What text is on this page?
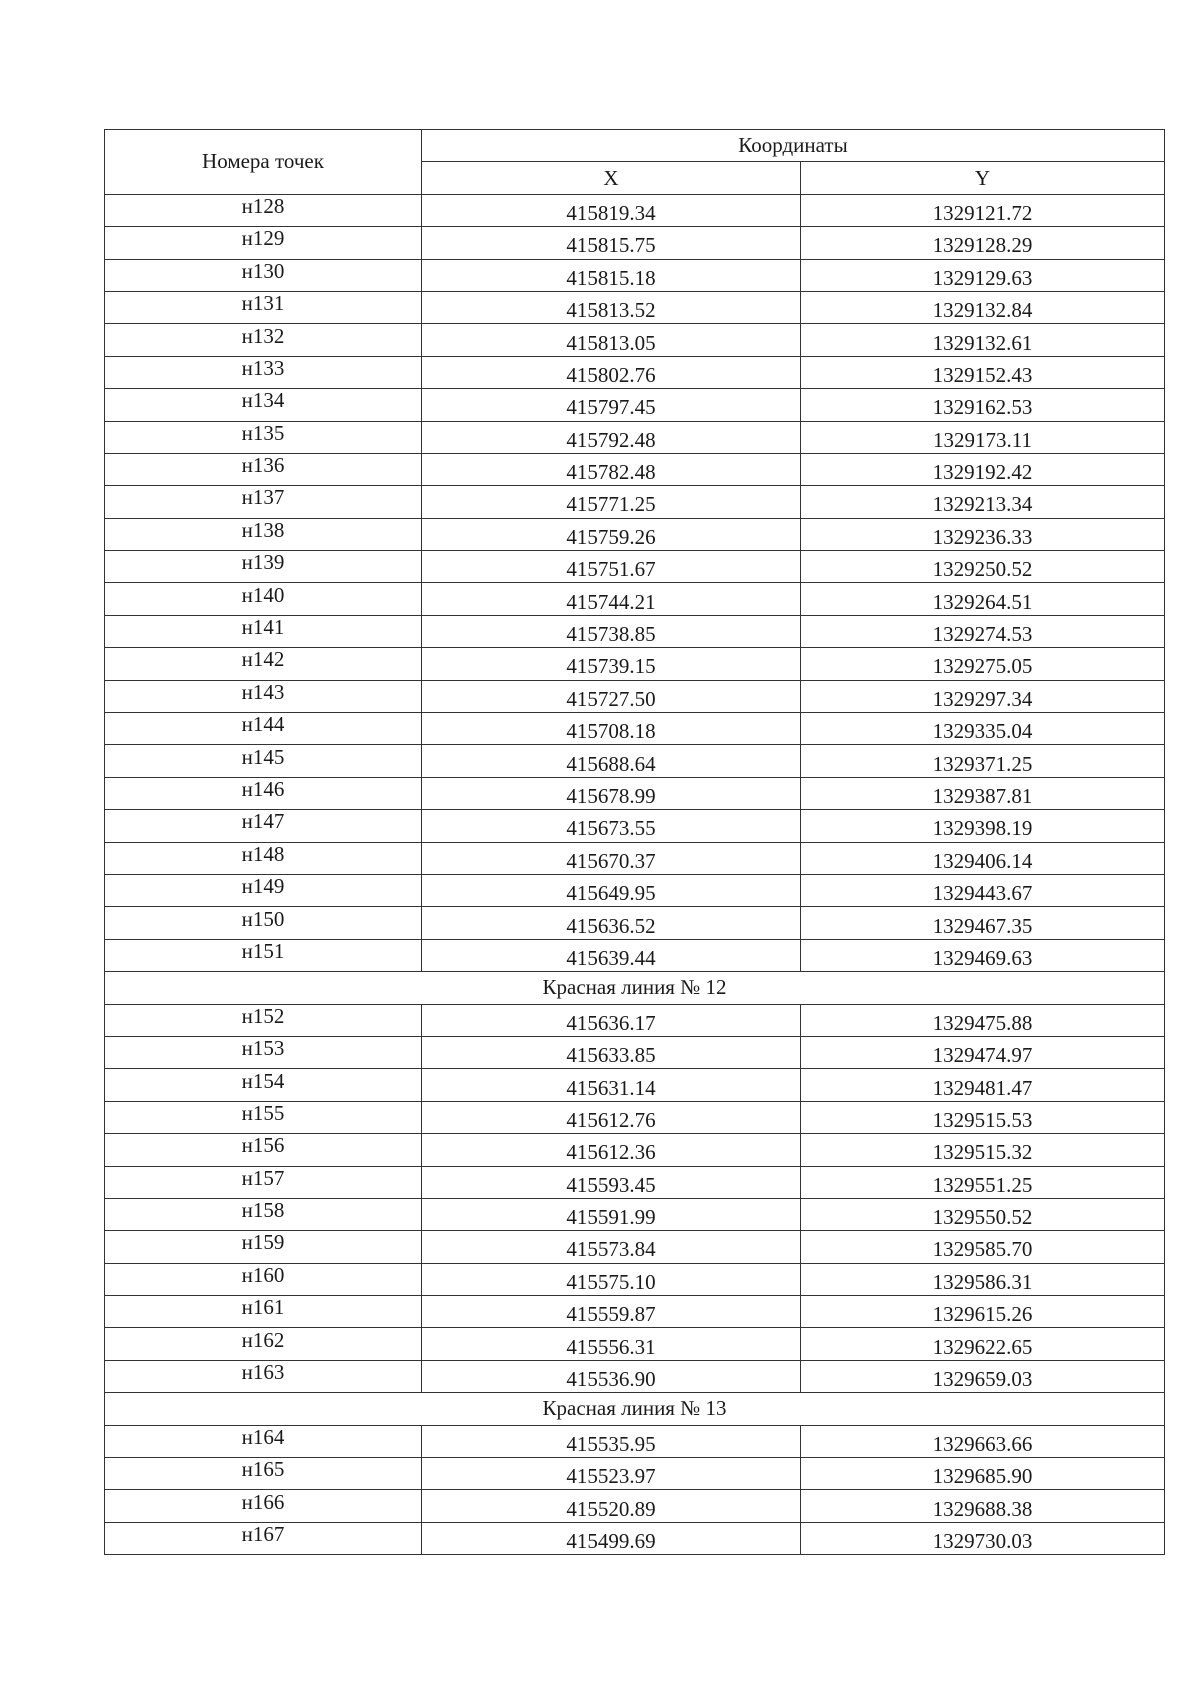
Номера точек	Координаты	
	X	Y
н128	415819.34	1329121.72
н129	415815.75	1329128.29
н130	415815.18	1329129.63
н131	415813.52	1329132.84
н132	415813.05	1329132.61
н133	415802.76	1329152.43
н134	415797.45	1329162.53
н135	415792.48	1329173.11
н136	415782.48	1329192.42
н137	415771.25	1329213.34
н138	415759.26	1329236.33
н139	415751.67	1329250.52
н140	415744.21	1329264.51
н141	415738.85	1329274.53
н142	415739.15	1329275.05
н143	415727.50	1329297.34
н144	415708.18	1329335.04
н145	415688.64	1329371.25
н146	415678.99	1329387.81
н147	415673.55	1329398.19
н148	415670.37	1329406.14
н149	415649.95	1329443.67
н150	415636.52	1329467.35
н151	415639.44	1329469.63
Красная линия № 12		
н152	415636.17	1329475.88
н153	415633.85	1329474.97
н154	415631.14	1329481.47
н155	415612.76	1329515.53
н156	415612.36	1329515.32
н157	415593.45	1329551.25
н158	415591.99	1329550.52
н159	415573.84	1329585.70
н160	415575.10	1329586.31
н161	415559.87	1329615.26
н162	415556.31	1329622.65
н163	415536.90	1329659.03
Красная линия № 13		
н164	415535.95	1329663.66
н165	415523.97	1329685.90
н166	415520.89	1329688.38
н167	415499.69	1329730.03
